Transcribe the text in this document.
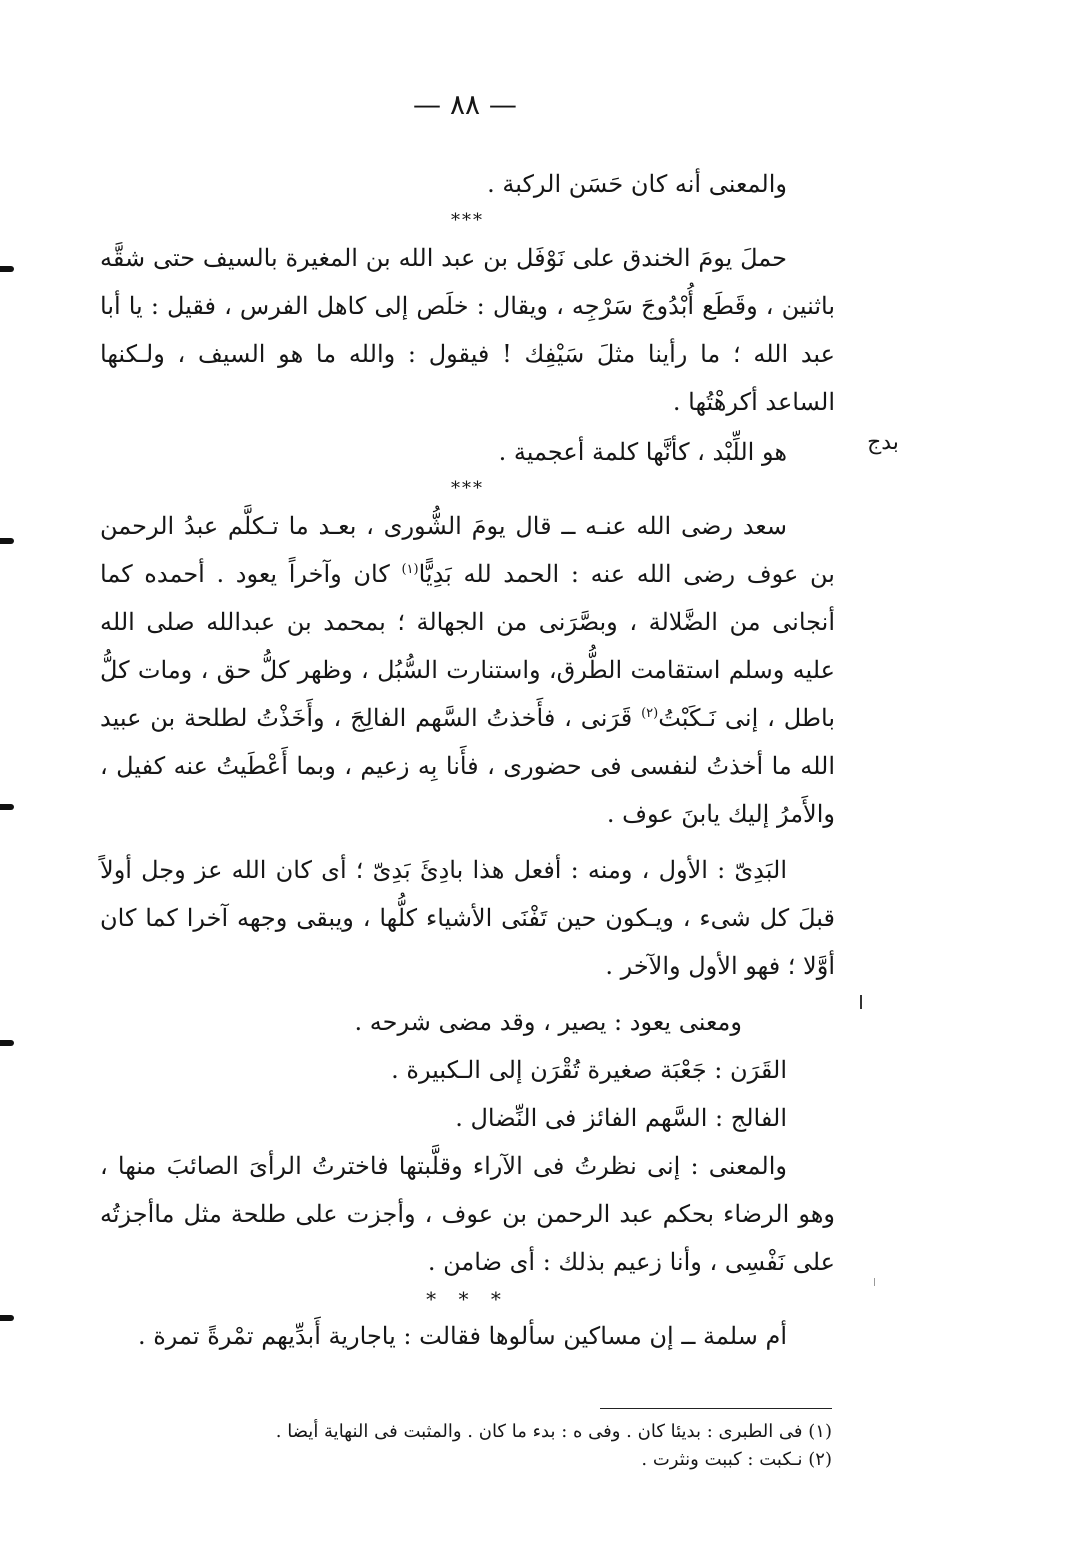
— ٨٨ —
بدج

والمعنى أنه كان حَسَن الركبة .

***

حملَ يومَ الخندق على نَوْفَل بن عبد الله بن المغيرة بالسيف حتى شقَّه باثنين ، وقَطَع أُبْدُوجَ سَرْجِه ، ويقال : خلَص إلى كاهل الفرس ، فقيل : يا أبا عبد الله ؛ ما رأينا مثلَ سَيْفِك ! فيقول : والله ما هو السيف ، ولـكنها الساعد أكرهْتُها .

هو اللِّبْد ، كأنَّها كلمة أعجمية .

***

سعد رضى الله عنـه ــ قال يومَ الشُّورى ، بعـد ما تـكلَّم عبدُ الرحمن بن عوف رضى الله عنه : الحمد لله بَدِيًّا$^{(١)}$ كان وآخراً يعود . أحمده كما أنجانى من الضَّلالة ، وبصَّرَنى من الجهالة ؛ بمحمد بن عبدالله صلى الله عليه وسلم استقامت الطُّرق، واستنارت السُّبُل ، وظهر كلُّ حق ، ومات كلُّ باطل ، إنى نَـكَبْتُ$^{(٢)}$ قَرَنى ، فأَخذتُ السَّهم الفالِجَ ، وأَخَذْتُ لطلحة بن عبيد الله ما أخذتُ لنفسى فى حضورى ، فأَنا بِه زعيم ، وبما أَعْطَيتُ عنه كفيل ، والأَمرُ إليك يابنَ عوف .

البَدِىّ : الأول ، ومنه : أفعل هذا بادِئَ بَدِىّ ؛ أى كان الله عز وجل أولاً قبلَ كل شىء ، ويـكون حين تَفْنَى الأشياء كلُّها ، ويبقى وجهه آخرا كما كان أوَّلا ؛ فهو الأول والآخر .

ومعنى يعود : يصير ، وقد مضى شرحه .

القَرَن : جَعْبَة صغيرة تُقْرَن إلى الـكبيرة .

الفالج : السَّهم الفائز فى النِّضال .

والمعنى : إنى نظرتُ فى الآراء وقلَّبتها فاخترتُ الرأىَ الصائبَ منها ، وهو الرضاء بحكم عبد الرحمن بن عوف ، وأجزت على طلحة مثل ماأجزتُه على نَفْسِى ، وأنا زعيم بذلك : أى ضامن .

* * *

أم سلمة ــ إن مساكين سألوها فقالت : ياجارية أَبدِّيهم تمْرةً تمرة .

(١) فى الطبرى : بديئا كان . وفى ه : بدء ما كان . والمثبت فى النهاية أيضا .

(٢) نـكبت : كببت ونثرت .
